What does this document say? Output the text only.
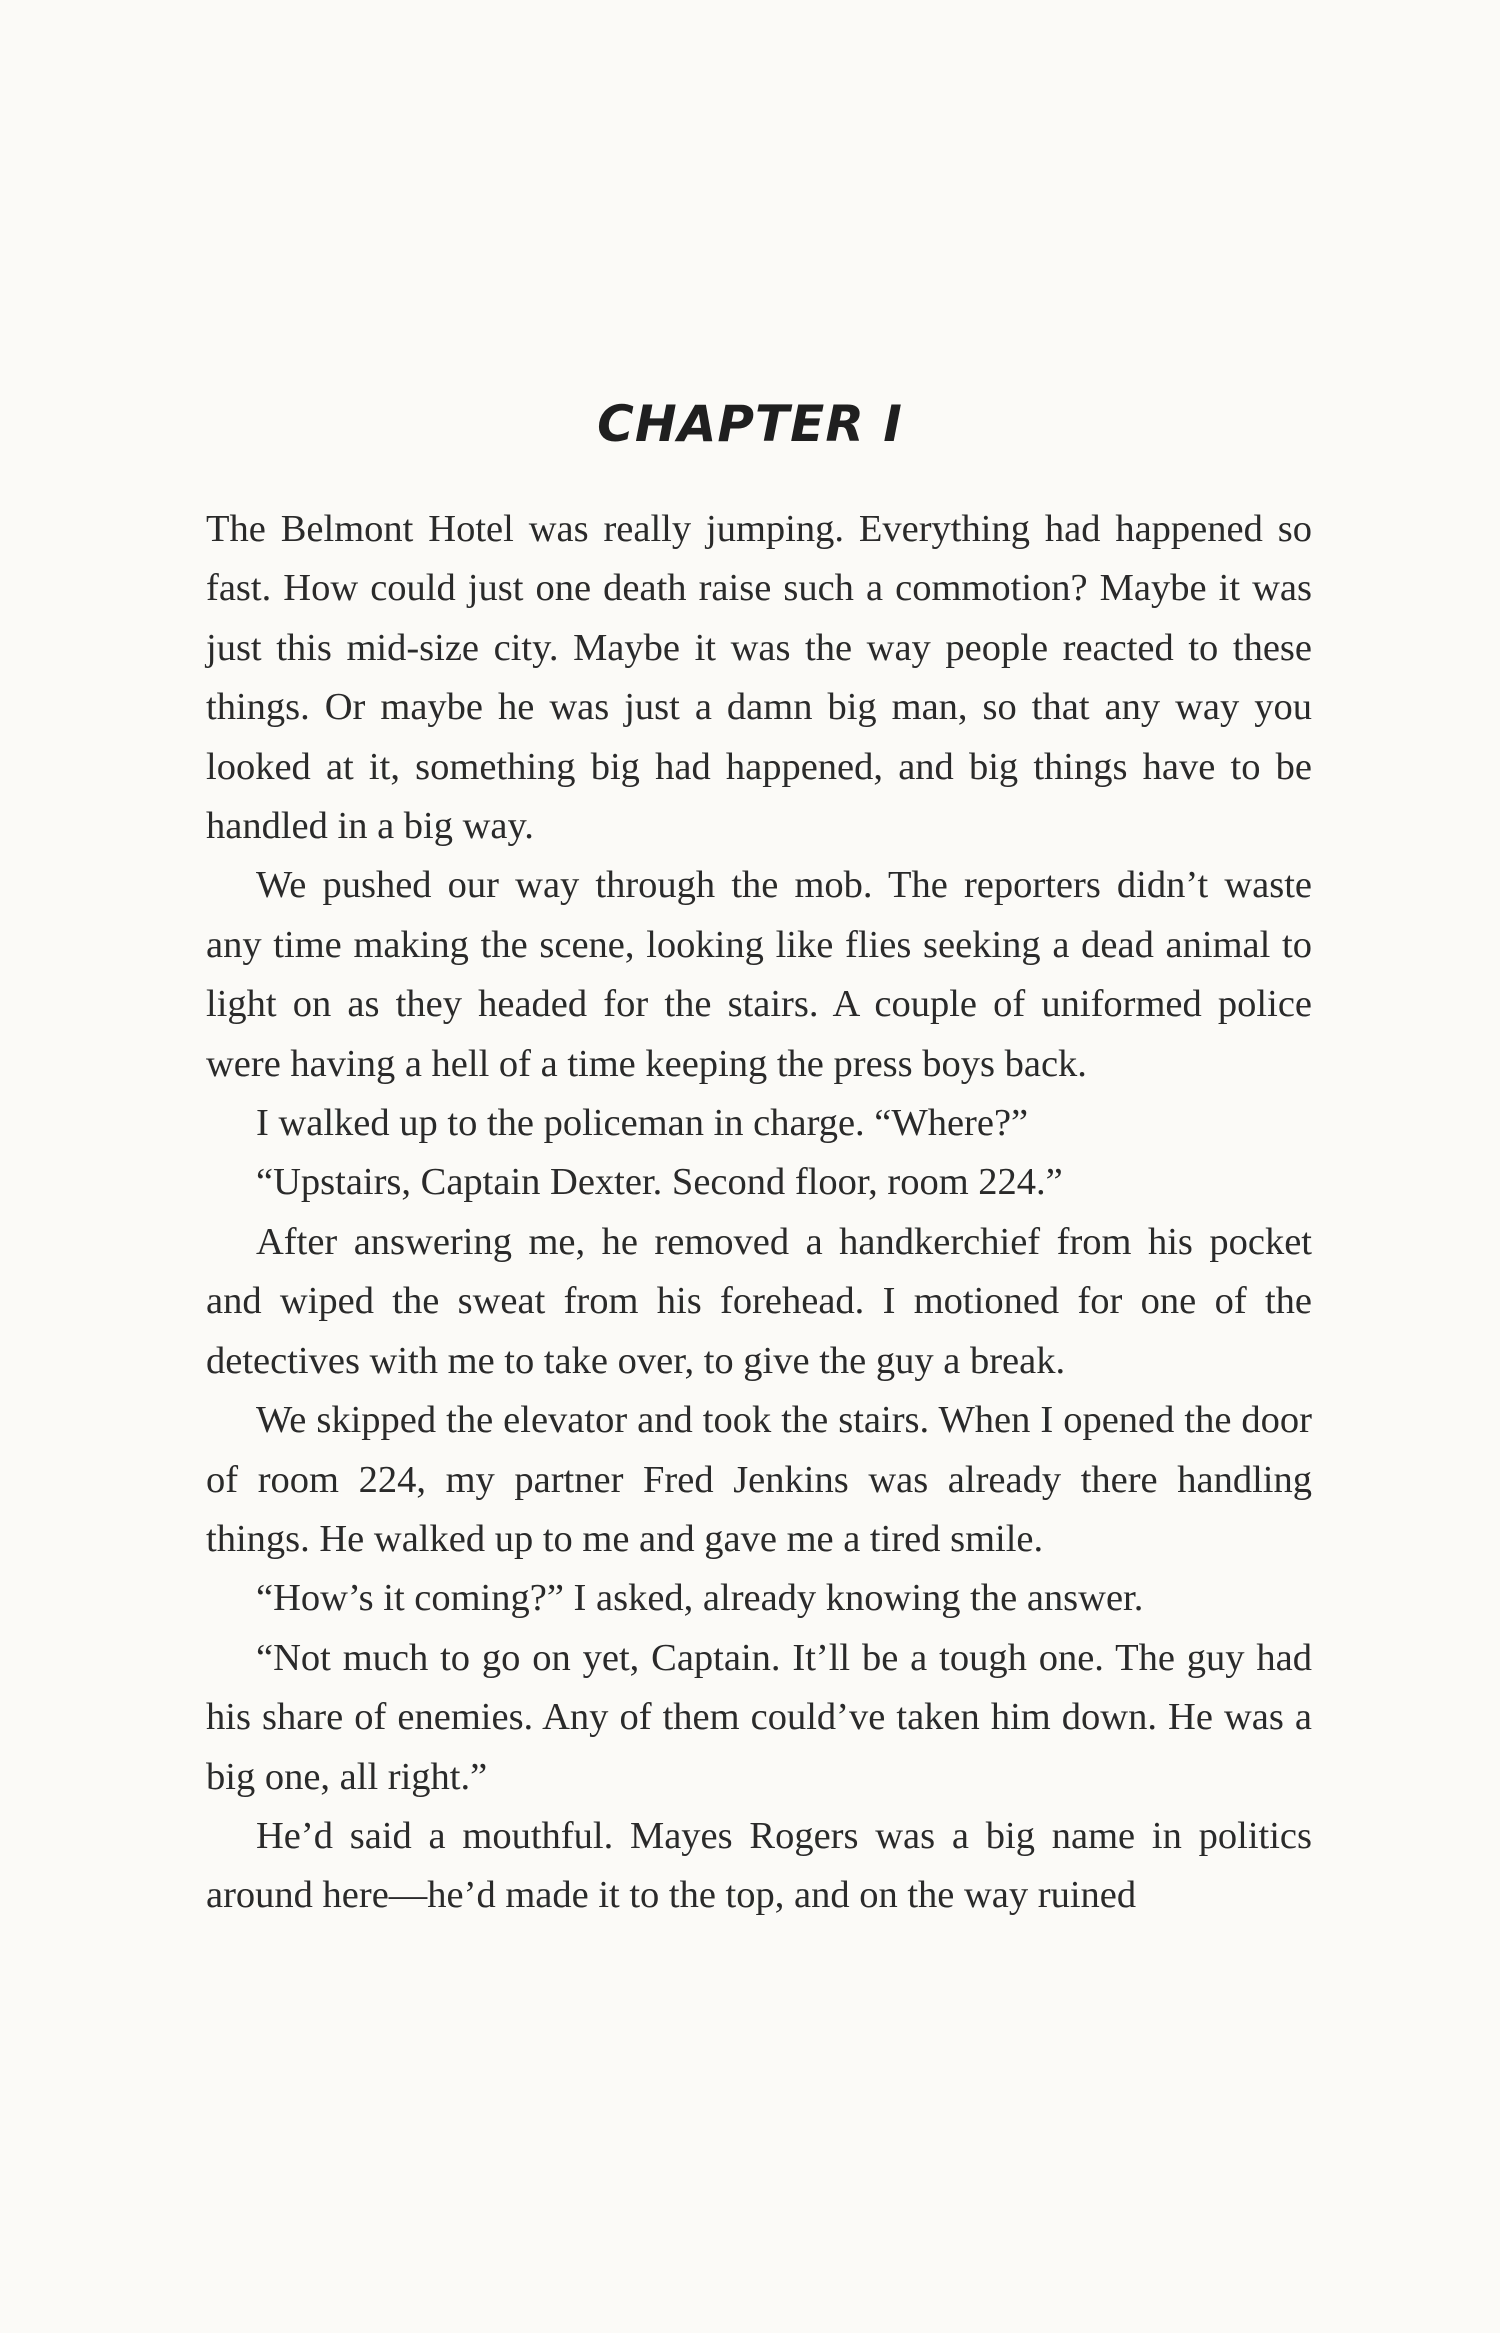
CHAPTER I

The Belmont Hotel was really jumping. Everything had happened so fast. How could just one death raise such a commotion? Maybe it was just this mid-size city. Maybe it was the way people reacted to these things. Or maybe he was just a damn big man, so that any way you looked at it, something big had happened, and big things have to be handled in a big way.

We pushed our way through the mob. The reporters didn’t waste any time making the scene, looking like flies seeking a dead animal to light on as they headed for the stairs. A couple of uniformed police were having a hell of a time keeping the press boys back.

I walked up to the policeman in charge. “Where?”

“Upstairs, Captain Dexter. Second floor, room 224.”

After answering me, he removed a handkerchief from his pocket and wiped the sweat from his forehead. I motioned for one of the detectives with me to take over, to give the guy a break.

We skipped the elevator and took the stairs. When I opened the door of room 224, my partner Fred Jenkins was already there handling things. He walked up to me and gave me a tired smile.

“How’s it coming?” I asked, already knowing the answer.

“Not much to go on yet, Captain. It’ll be a tough one. The guy had his share of enemies. Any of them could’ve taken him down. He was a big one, all right.”

He’d said a mouthful. Mayes Rogers was a big name in politics around here—he’d made it to the top, and on the way ruined
